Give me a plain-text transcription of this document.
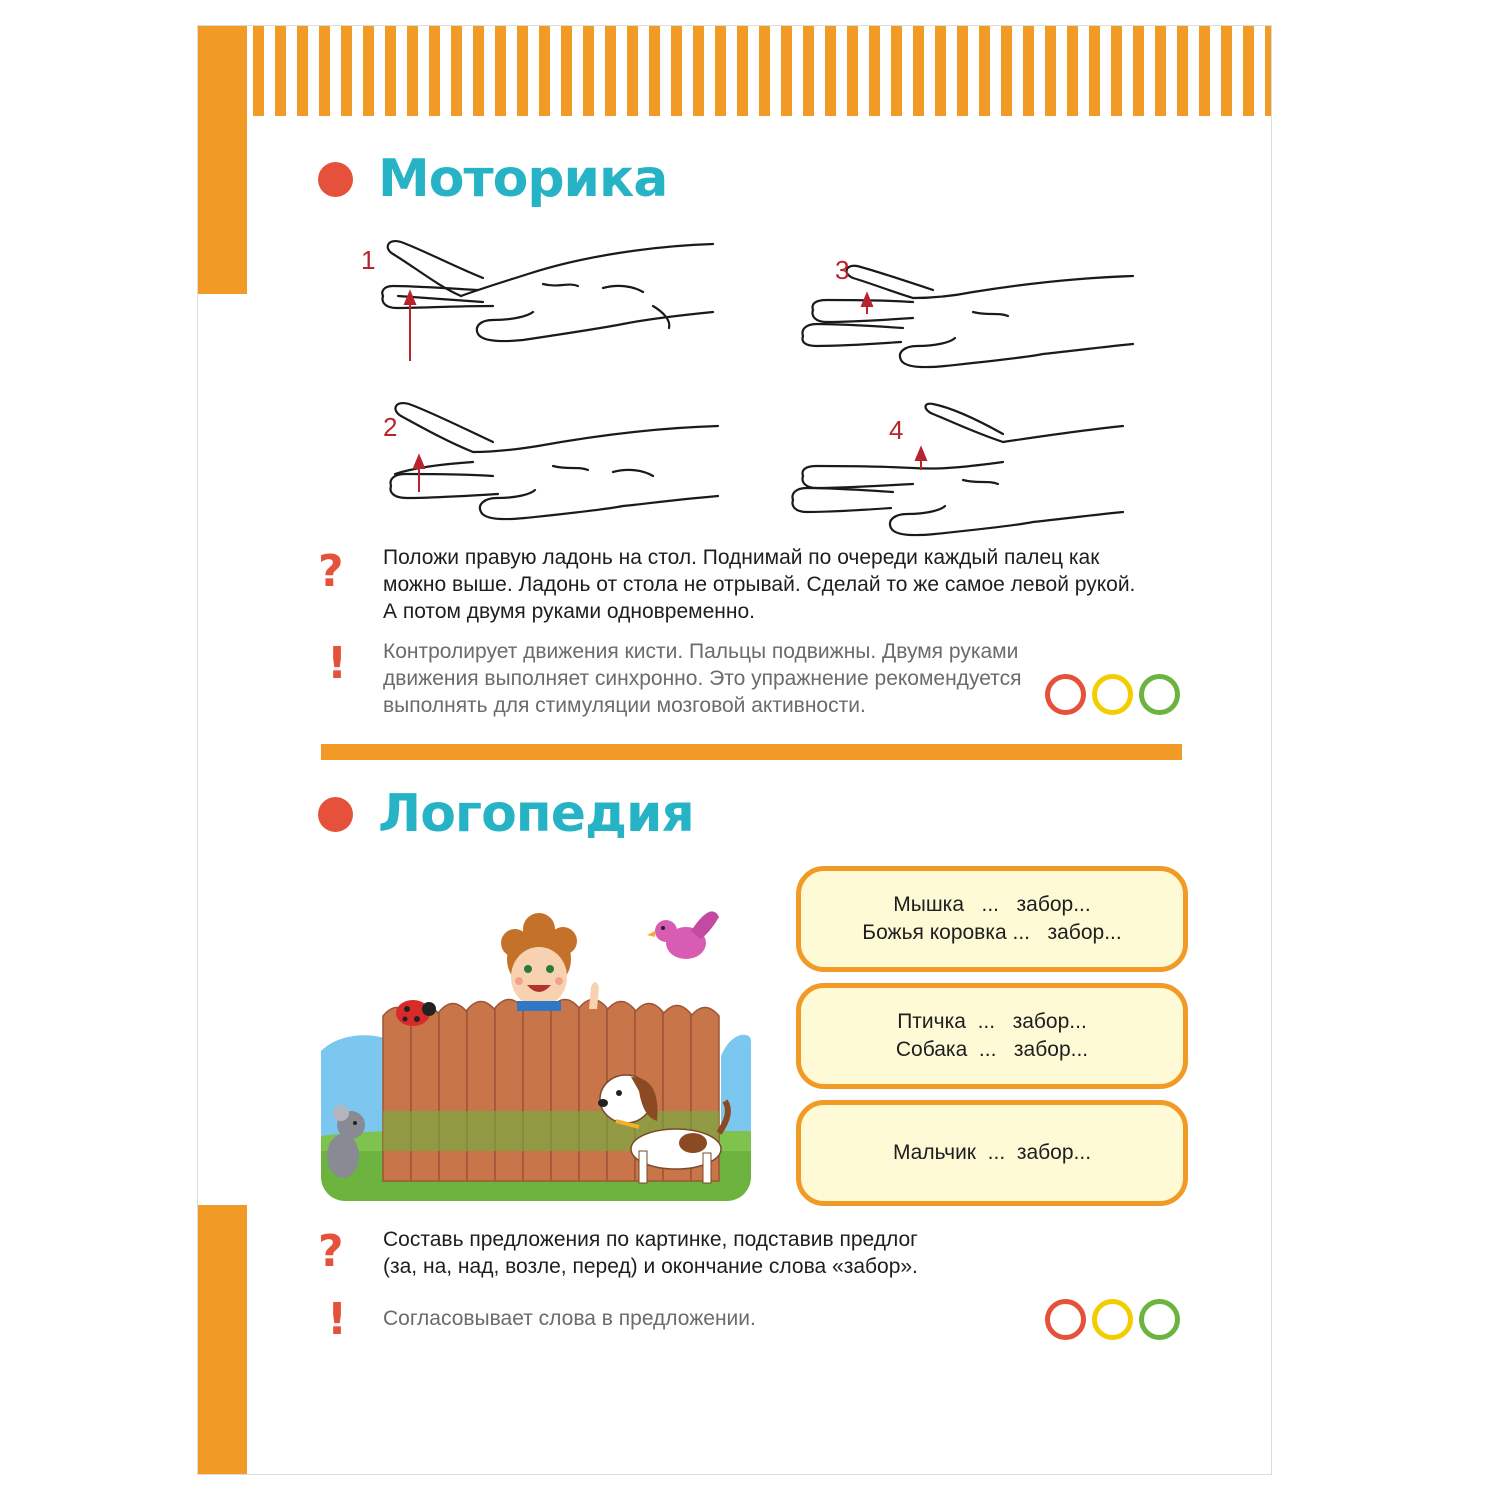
Моторика
1
2
3
4
? Положи правую ладонь на стол. Поднимай по очереди каждый палец как
можно выше. Ладонь от стола не отрывай. Сделай то же самое левой рукой.
А потом двумя руками одновременно.
! Контролирует движения кисти. Пальцы подвижны. Двумя руками
движения выполняет синхронно. Это упражнение рекомендуется
выполнять для стимуляции мозговой активности.
Логопедия
Мышка   ...   забор...
Божья коровка ...   забор...
Птичка  ...   забор...
Собака  ...   забор...
Мальчик  ...  забор...
? Составь предложения по картинке, подставив предлог
(за, на, над, возле, перед) и окончание слова «забор».
! Согласовывает слова в предложении.
